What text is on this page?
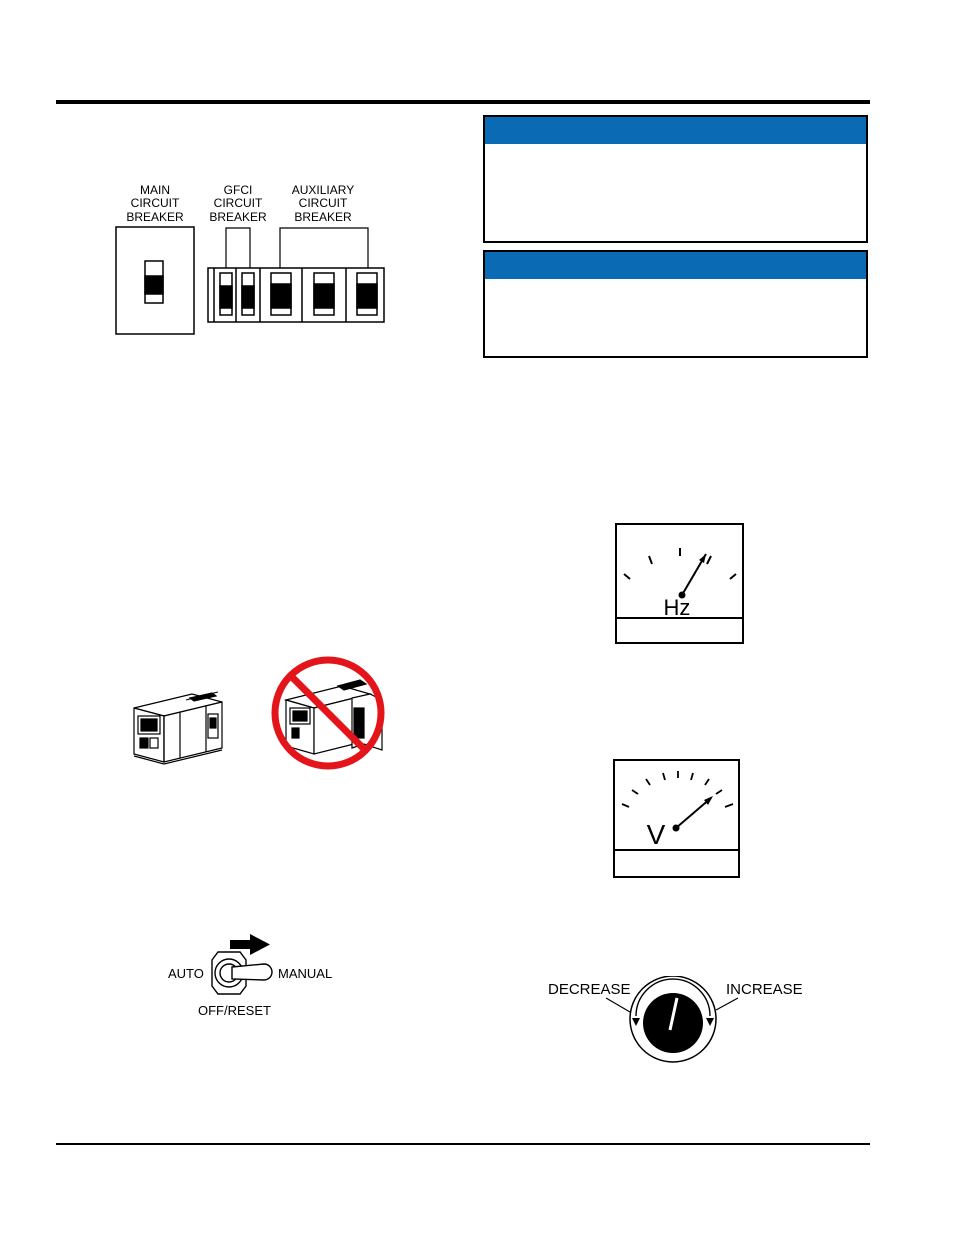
MAIN
CIRCUIT
BREAKER
GFCI
CIRCUIT
BREAKER
AUXILIARY
CIRCUIT
BREAKER
Hz
V
AUTO	MANUAL
OFF/RESET
DECREASE	INCREASE
